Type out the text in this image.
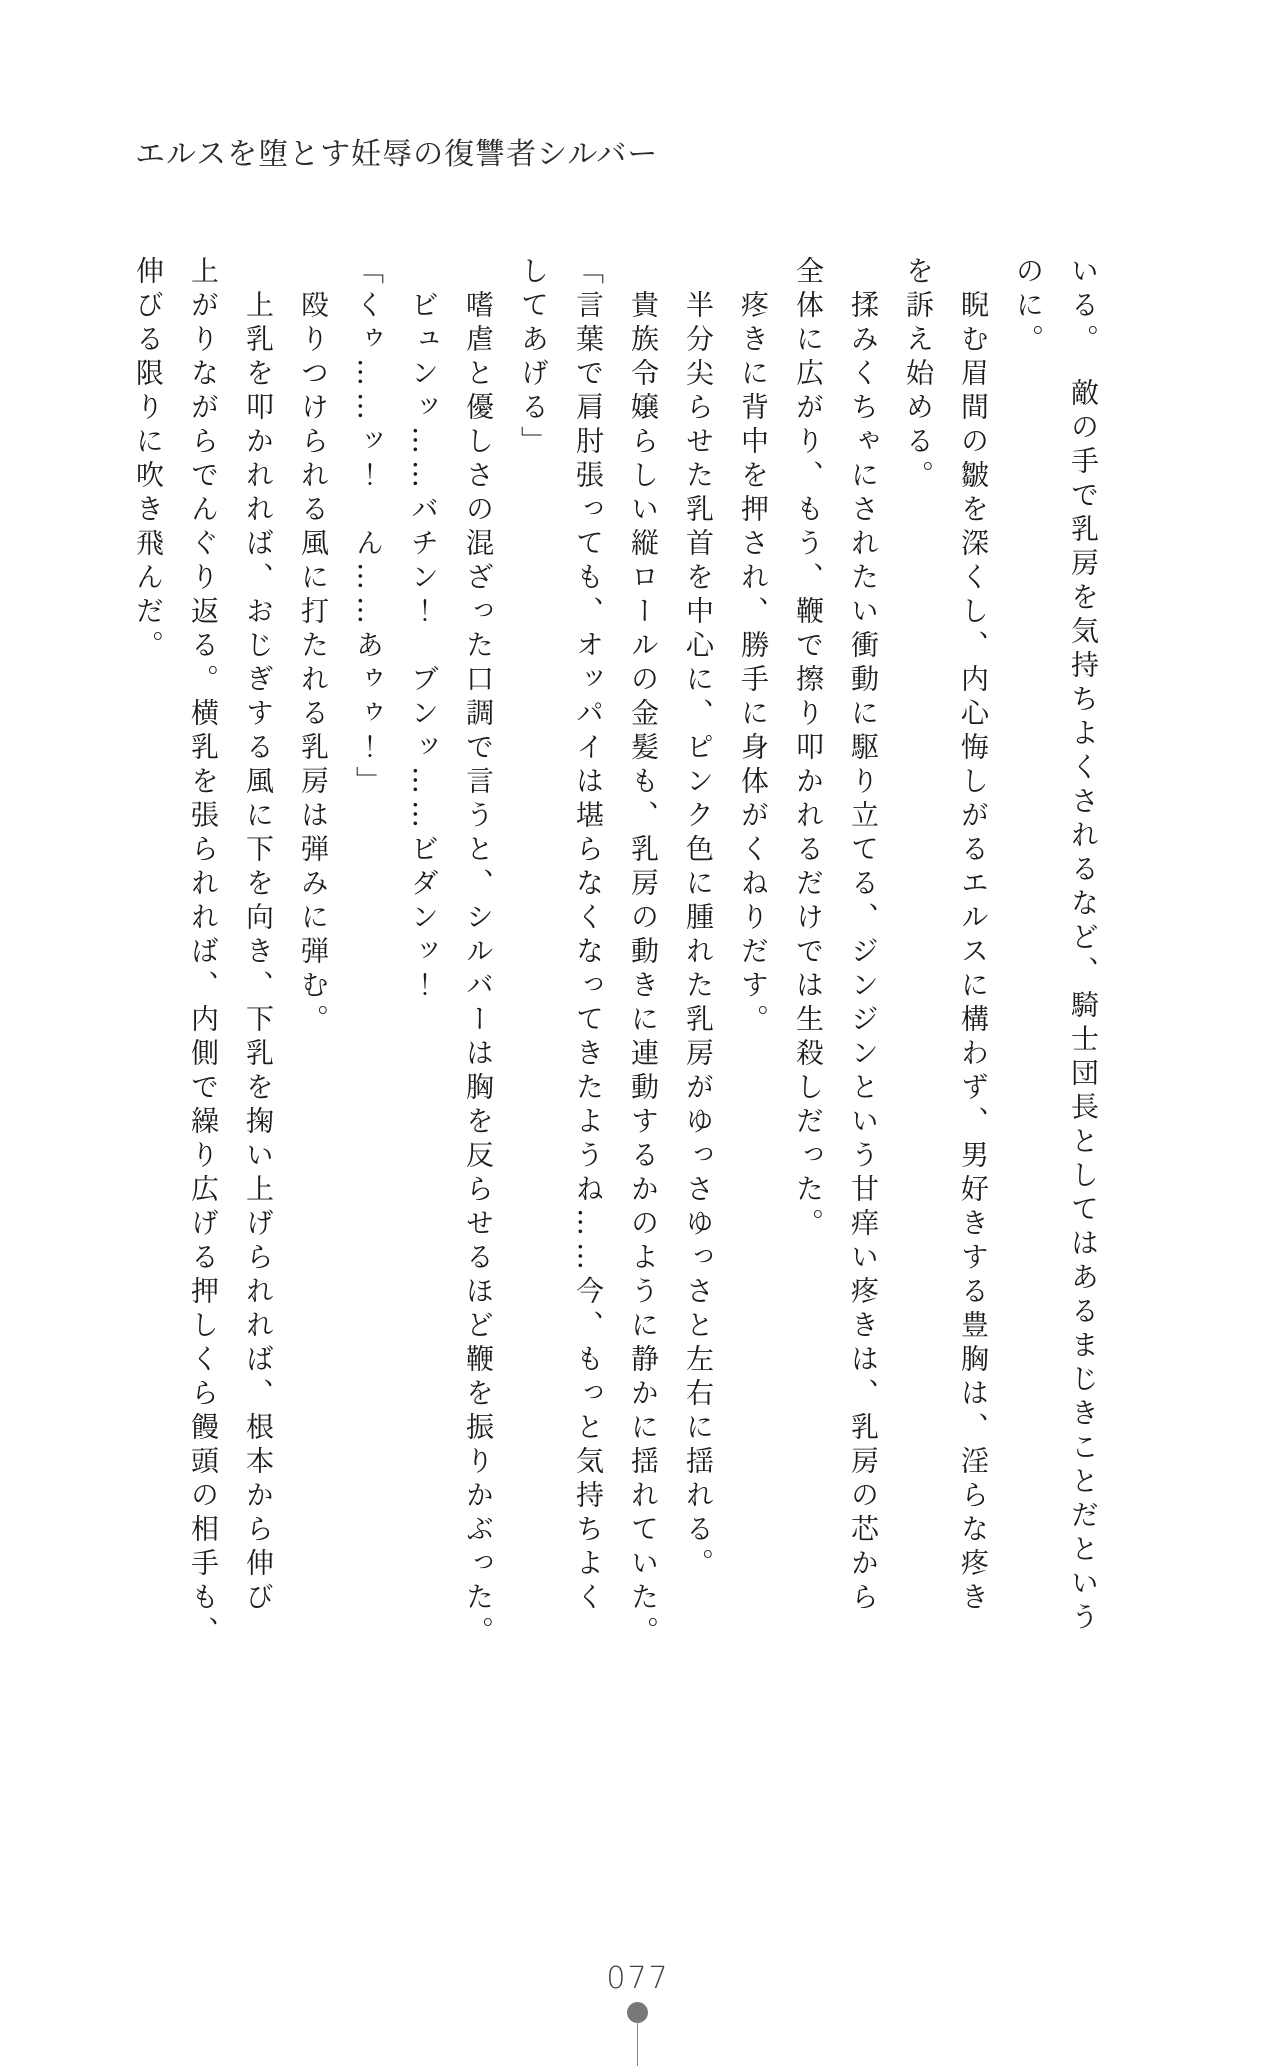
エルスを堕とす妊辱の復讐者シルバー
いる。　敵の手で乳房を気持ちよくされるなど、騎士団長としてはあるまじきことだという
のに。
睨む眉間の皺を深くし、内心悔しがるエルスに構わず、男好きする豊胸は、淫らな疼き
を訴え始める。
揉みくちゃにされたい衝動に駆り立てる、ジンジンという甘痒い疼きは、乳房の芯から
全体に広がり、もう、鞭で擦り叩かれるだけでは生殺しだった。
疼きに背中を押され、勝手に身体がくねりだす。
半分尖らせた乳首を中心に、ピンク色に腫れた乳房がゆっさゆっさと左右に揺れる。
貴族令嬢らしい縦ロールの金髪も、乳房の動きに連動するかのように静かに揺れていた。
「言葉で肩肘張っても、オッパイは堪らなくなってきたようね……今、もっと気持ちよく
してあげる」
嗜虐と優しさの混ざった口調で言うと、シルバーは胸を反らせるほど鞭を振りかぶった。
ビュンッ……バチン！　ブンッ……ビダンッ！
「くゥ……ッ！　ん……あゥゥ！」
殴りつけられる風に打たれる乳房は弾みに弾む。
上乳を叩かれれば、おじぎする風に下を向き、下乳を掬い上げられれば、根本から伸び
上がりながらでんぐり返る。横乳を張られれば、内側で繰り広げる押しくら饅頭の相手も、
伸びる限りに吹き飛んだ。
077
